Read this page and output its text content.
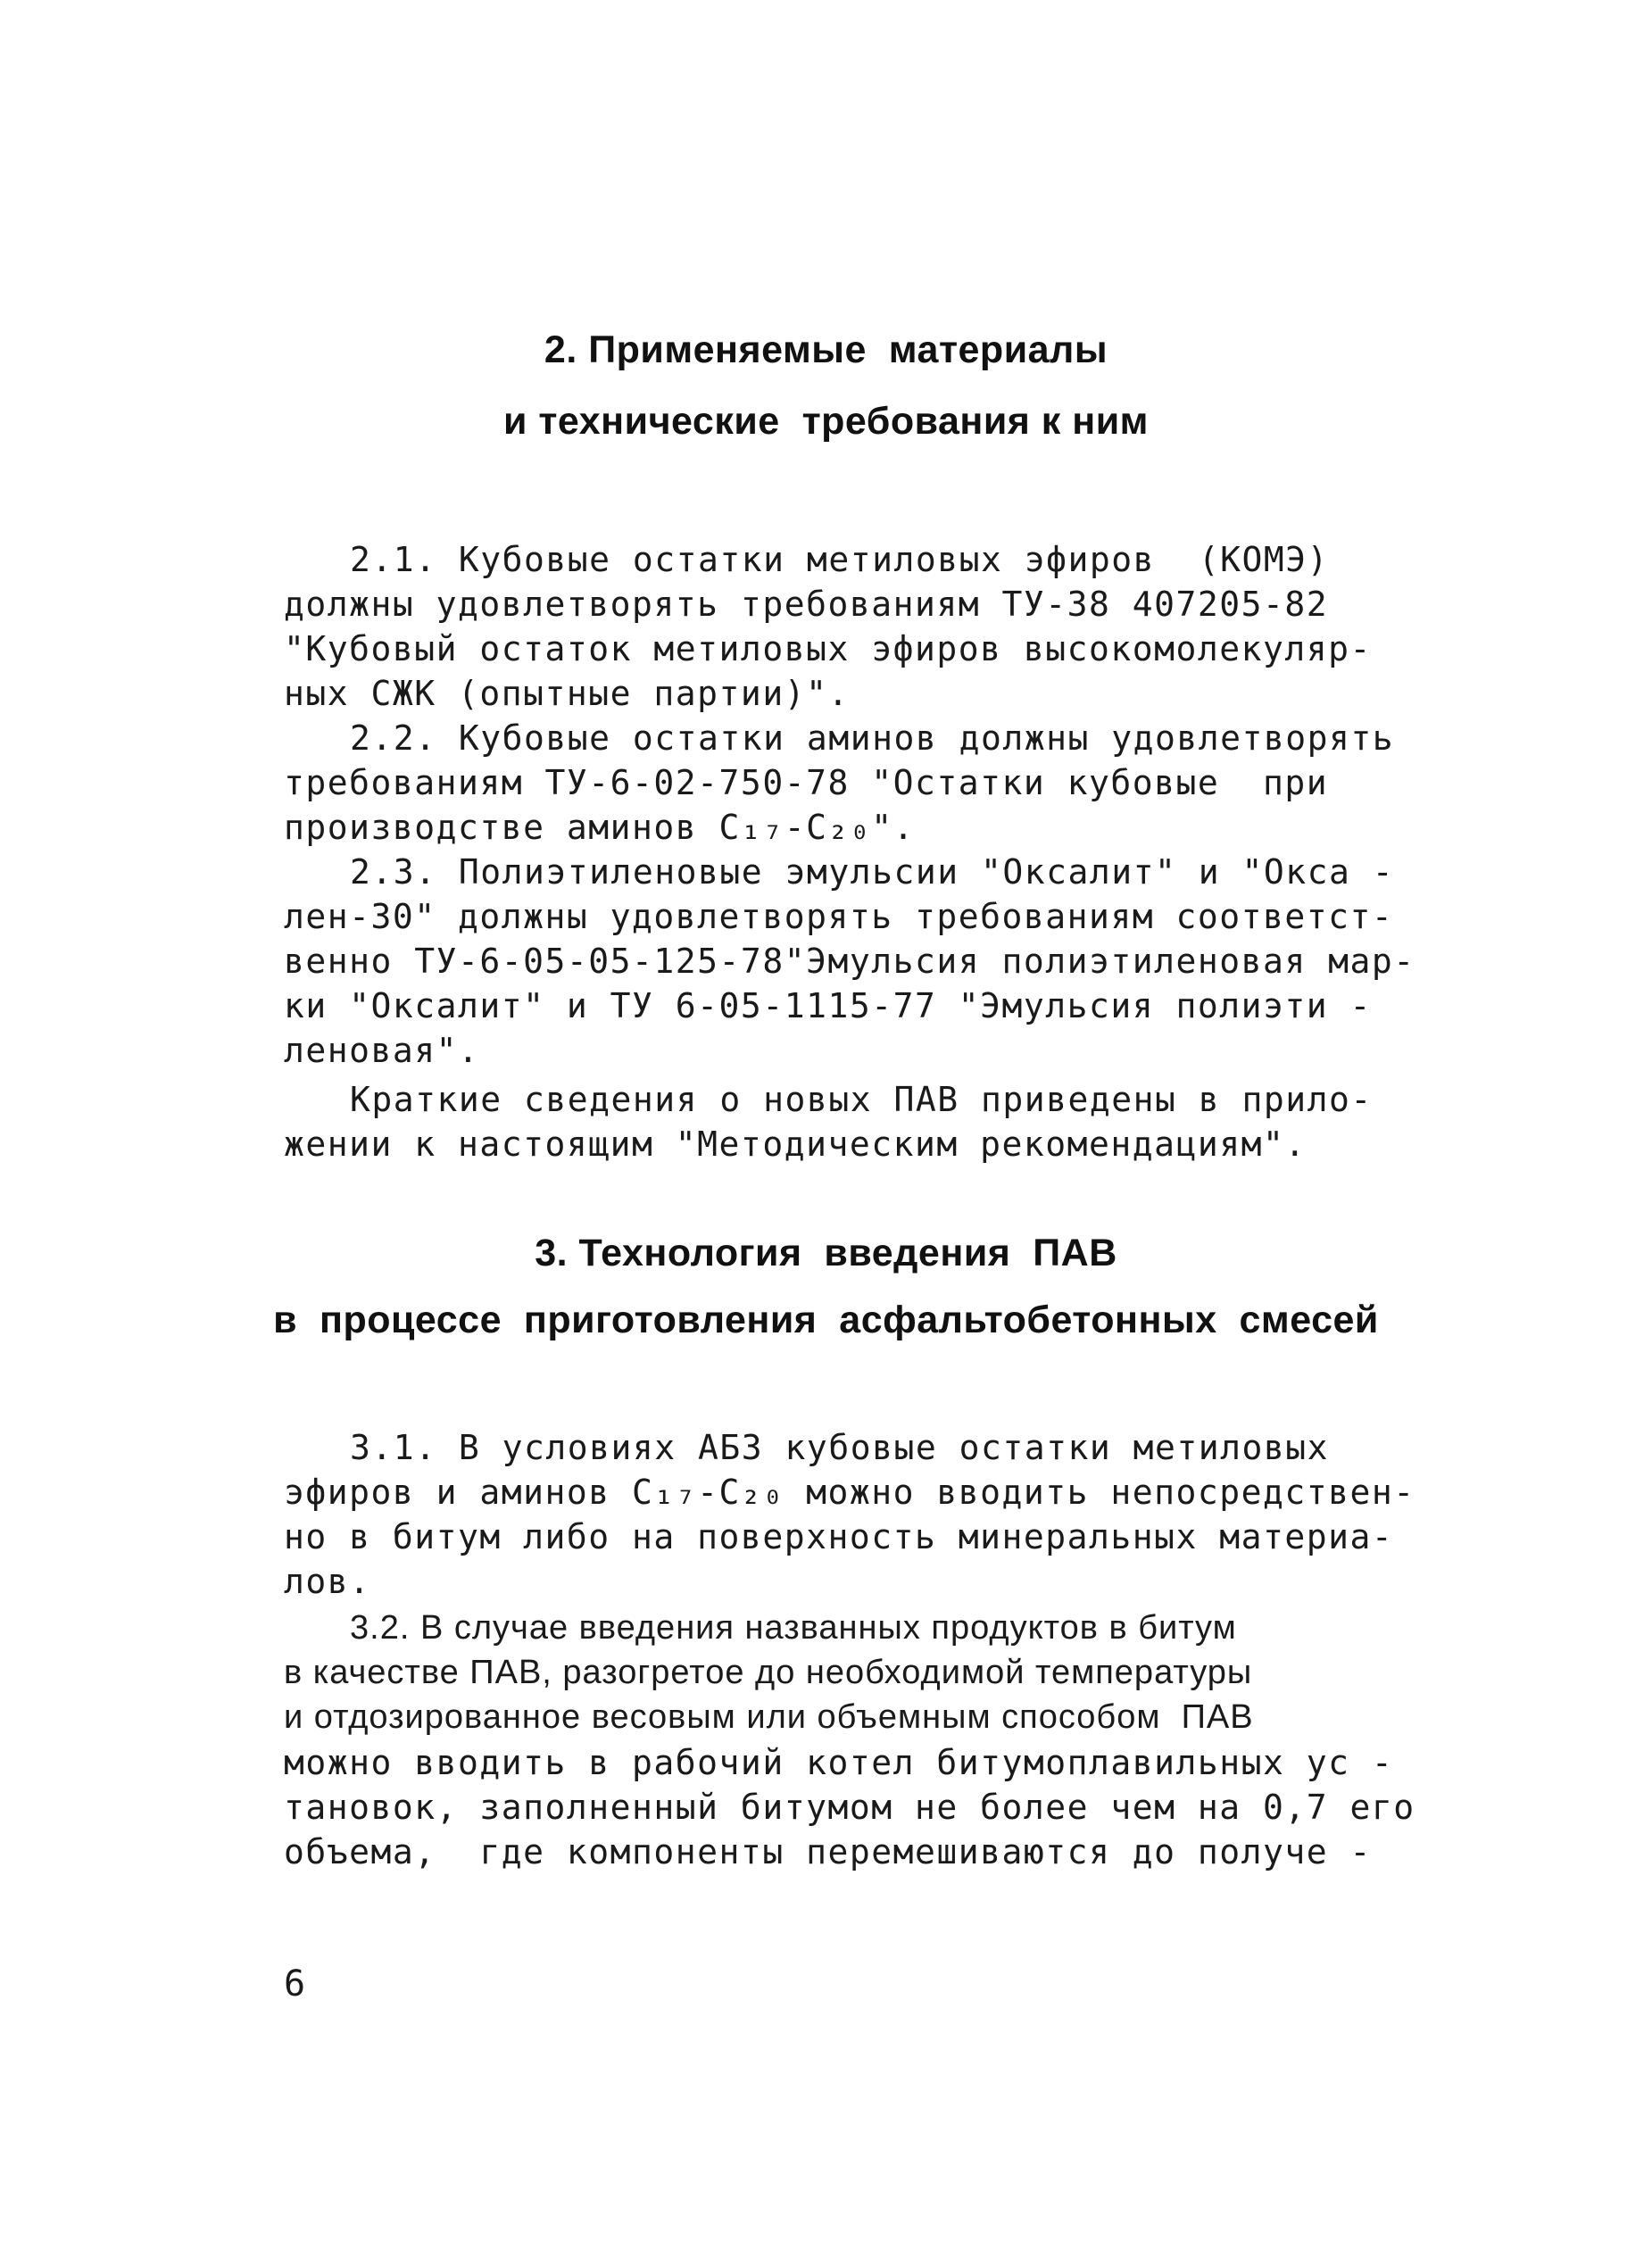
2. Применяемые  материалы
и технические  требования к ним
2.1. Кубовые остатки метиловых эфиров  (КОМЭ)
должны удовлетворять требованиям ТУ-38 407205-82
"Кубовый остаток метиловых эфиров высокомолекуляр-
ных СЖК (опытные партии)".
2.2. Кубовые остатки аминов должны удовлетворять
требованиям ТУ-6-02-750-78 "Остатки кубовые  при
производстве аминов C₁₇-C₂₀".
2.3. Полиэтиленовые эмульсии "Оксалит" и "Окса -
лен-30" должны удовлетворять требованиям соответст-
венно ТУ-6-05-05-125-78"Эмульсия полиэтиленовая мар-
ки "Оксалит" и ТУ 6-05-1115-77 "Эмульсия полиэти -
леновая".
Краткие сведения о новых ПАВ приведены в прило-
жении к настоящим "Методическим рекомендациям".
3. Технология  введения  ПАВ
в  процессе  приготовления  асфальтобетонных  смесей
3.1. В условиях АБЗ кубовые остатки метиловых
эфиров и аминов C₁₇-C₂₀ можно вводить непосредствен-
но в битум либо на поверхность минеральных материа-
лов.
3.2. В случае введения названных продуктов в битум
в качестве ПАВ, разогретое до необходимой температуры
и отдозированное весовым или объемным способом  ПАВ
можно вводить в рабочий котел битумоплавильных ус -
тановок, заполненный битумом не более чем на 0,7 его
объема,  где компоненты перемешиваются до получе -
6
